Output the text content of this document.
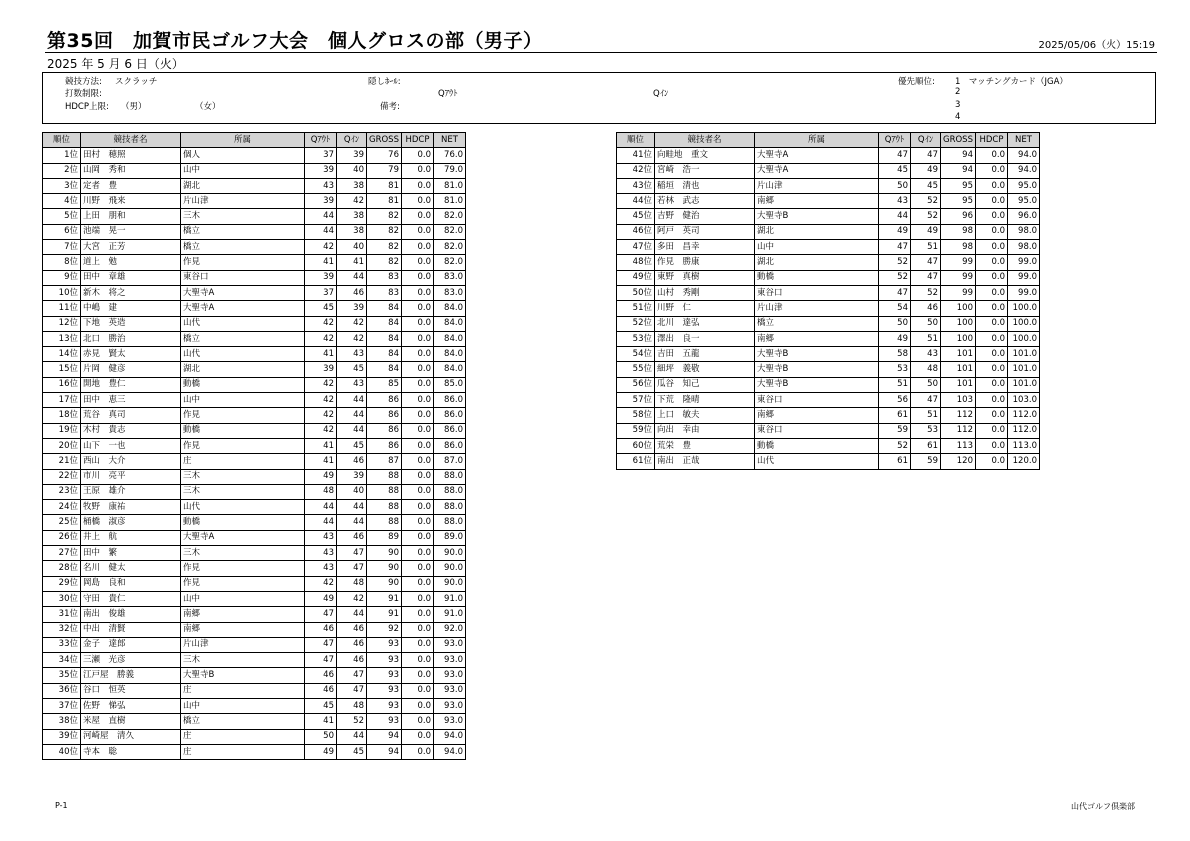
第35回　加賀市民ゴルフ大会　個人グロスの部（男子）	2025/05/06（火）15:19
2025 年 5 月 6 日（火）
競技方法: スクラッチ
打数制限:
HDCP上限: （男）	（女）
隠しﾎｰﾙ:
Qｱｳﾄ	Qｲﾝ
備考:
優先順位: 1　マッチングカード（JGA）
2
3
4
順位	競技者名	所属	Qｱｳﾄ	Qｲﾝ	GROSS	HDCP	NET
1位	田村　穂照	個人	37	39	76	0.0	76.0
2位	山岡　秀和	山中	39	40	79	0.0	79.0
3位	定者　豊	湖北	43	38	81	0.0	81.0
4位	川野　飛来	片山津	39	42	81	0.0	81.0
5位	上田　朋和	三木	44	38	82	0.0	82.0
6位	池端　晃一	橋立	44	38	82	0.0	82.0
7位	大宮　正芳	橋立	42	40	82	0.0	82.0
8位	道上　勉	作見	41	41	82	0.0	82.0
9位	田中　章雄	東谷口	39	44	83	0.0	83.0
10位	新木　将之	大聖寺A	37	46	83	0.0	83.0
11位	中嶋　建	大聖寺A	45	39	84	0.0	84.0
12位	下地　英造	山代	42	42	84	0.0	84.0
13位	北口　勝治	橋立	42	42	84	0.0	84.0
14位	赤見　賢太	山代	41	43	84	0.0	84.0
15位	片岡　健彦	湖北	39	45	84	0.0	84.0
16位	開地　豊仁	動橋	42	43	85	0.0	85.0
17位	田中　恵三	山中	42	44	86	0.0	86.0
18位	荒谷　真司	作見	42	44	86	0.0	86.0
19位	木村　貴志	動橋	42	44	86	0.0	86.0
20位	山下　一也	作見	41	45	86	0.0	86.0
21位	西山　大介	庄	41	46	87	0.0	87.0
22位	市川　亮平	三木	49	39	88	0.0	88.0
23位	王原　雄介	三木	48	40	88	0.0	88.0
24位	牧野　康祐	山代	44	44	88	0.0	88.0
25位	桶橋　淑彦	動橋	44	44	88	0.0	88.0
26位	井上　航	大聖寺A	43	46	89	0.0	89.0
27位	田中　繁	三木	43	47	90	0.0	90.0
28位	名川　健太	作見	43	47	90	0.0	90.0
29位	岡島　良和	作見	42	48	90	0.0	90.0
30位	守田　貴仁	山中	49	42	91	0.0	91.0
31位	南出　俊雄	南郷	47	44	91	0.0	91.0
32位	中出　清賢	南郷	46	46	92	0.0	92.0
33位	金子　達郎	片山津	47	46	93	0.0	93.0
34位	三瀬　光彦	三木	47	46	93	0.0	93.0
35位	江戸屋　勝義	大聖寺B	46	47	93	0.0	93.0
36位	谷口　恒英	庄	46	47	93	0.0	93.0
37位	佐野　悌弘	山中	45	48	93	0.0	93.0
38位	米屋　直樹	橋立	41	52	93	0.0	93.0
39位	河崎屋　清久	庄	50	44	94	0.0	94.0
40位	寺本　聡	庄	49	45	94	0.0	94.0
順位	競技者名	所属	Qｱｳﾄ	Qｲﾝ	GROSS	HDCP	NET
41位	向畦地　重文	大聖寺A	47	47	94	0.0	94.0
42位	宮崎　浩一	大聖寺A	45	49	94	0.0	94.0
43位	稲垣　清也	片山津	50	45	95	0.0	95.0
44位	若林　武志	南郷	43	52	95	0.0	95.0
45位	吉野　健治	大聖寺B	44	52	96	0.0	96.0
46位	阿戸　英司	湖北	49	49	98	0.0	98.0
47位	多田　昌幸	山中	47	51	98	0.0	98.0
48位	作見　勝康	湖北	52	47	99	0.0	99.0
49位	東野　真樹	動橋	52	47	99	0.0	99.0
50位	山村　秀剛	東谷口	47	52	99	0.0	99.0
51位	川野　仁	片山津	54	46	100	0.0	100.0
52位	北川　達弘	橋立	50	50	100	0.0	100.0
53位	澤出　良一	南郷	49	51	100	0.0	100.0
54位	吉田　五龍	大聖寺B	58	43	101	0.0	101.0
55位	細坪　義敬	大聖寺B	53	48	101	0.0	101.0
56位	瓜谷　知己	大聖寺B	51	50	101	0.0	101.0
57位	下荒　隆晴	東谷口	56	47	103	0.0	103.0
58位	上口　敏夫	南郷	61	51	112	0.0	112.0
59位	向出　幸由	東谷口	59	53	112	0.0	112.0
60位	荒栄　豊	動橋	52	61	113	0.0	113.0
61位	南出　正哉	山代	61	59	120	0.0	120.0
P-1	山代ゴルフ倶楽部
